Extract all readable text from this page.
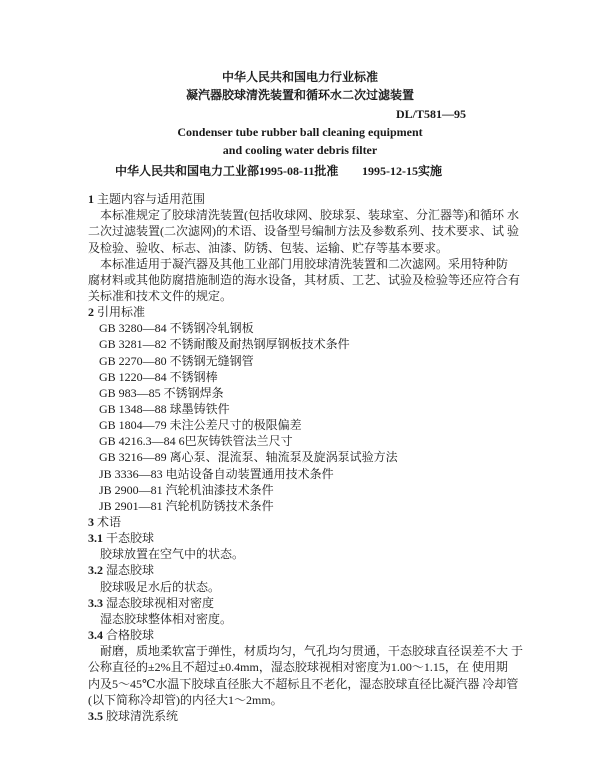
中华人民共和国电力行业标准
凝汽器胶球清洗装置和循环水二次过滤装置
DL/T581—95
Condenser tube rubber ball cleaning equipment
and cooling water debris filter
中华人民共和国电力工业部1995-08-11批准 1995-12-15实施
1 主题内容与适用范围
本标准规定了胶球清洗装置(包括收球网、胶球泵、装球室、分汇器等)和循环 水
二次过滤装置(二次滤网)的术语、设备型号编制方法及参数系列、技术要求、试 验
及检验、验收、标志、油漆、防锈、包装、运输、贮存等基本要求。
本标准适用于凝汽器及其他工业部门用胶球清洗装置和二次滤网。采用特种防
腐材料或其他防腐措施制造的海水设备，其材质、工艺、试验及检验等还应符合有
关标准和技术文件的规定。
2 引用标准
GB 3280—84 不锈钢冷轧钢板
GB 3281—82 不锈耐酸及耐热钢厚钢板技术条件
GB 2270—80 不锈钢无缝钢管
GB 1220—84 不锈钢棒
GB 983—85 不锈钢焊条
GB 1348—88 球墨铸铁件
GB 1804—79 未注公差尺寸的极限偏差
GB 4216.3—84 6巴灰铸铁管法兰尺寸
GB 3216—89 离心泵、混流泵、轴流泵及旋涡泵试验方法
JB 3336—83 电站设备自动装置通用技术条件
JB 2900—81 汽轮机油漆技术条件
JB 2901—81 汽轮机防锈技术条件
3 术语
3.1 干态胶球
胶球放置在空气中的状态。
3.2 湿态胶球
胶球吸足水后的状态。
3.3 湿态胶球视相对密度
湿态胶球整体相对密度。
3.4 合格胶球
耐磨，质地柔软富于弹性，材质均匀，气孔均匀贯通，干态胶球直径误差不大 于
公称直径的±2%且不超过±0.4mm，湿态胶球视相对密度为1.00～1.15，在 使用期
内及5～45℃水温下胶球直径胀大不超标且不老化，湿态胶球直径比凝汽器 冷却管
(以下简称冷却管)的内径大1～2mm。
3.5 胶球清洗系统
